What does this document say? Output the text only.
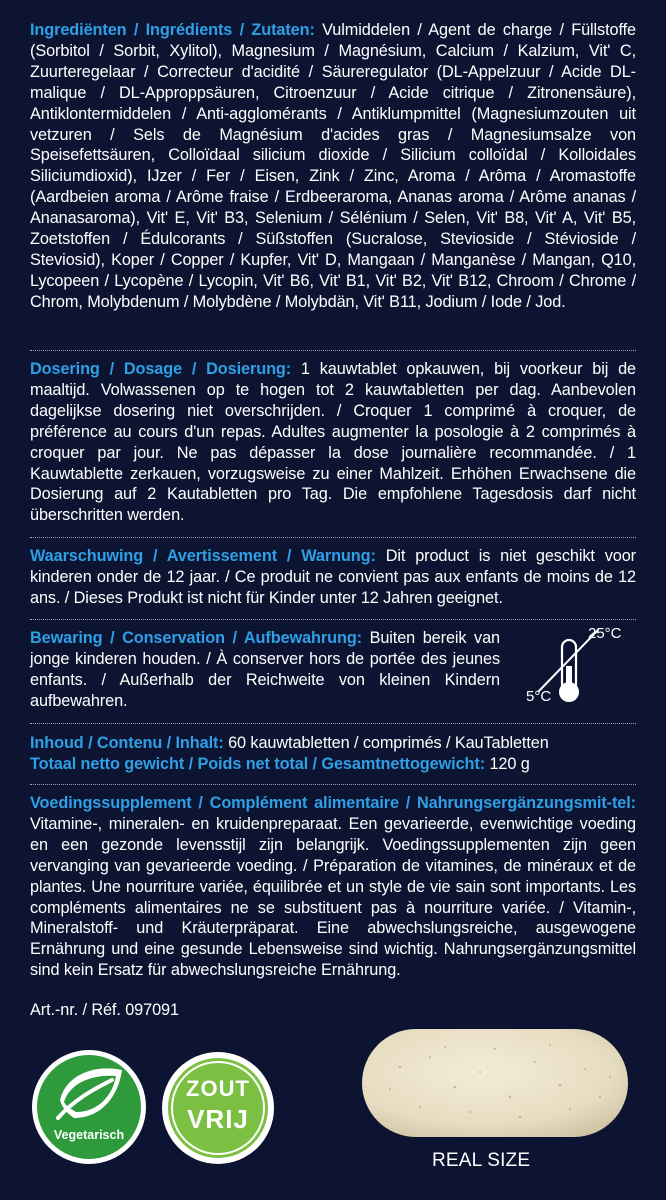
Ingrediënten / Ingrédients / Zutaten: Vulmiddelen / Agent de charge / Füllstoffe (Sorbitol / Sorbit, Xylitol), Magnesium / Magnésium, Calcium / Kalzium, Vit' C, Zuurteregelaar / Correcteur d'acidité / Säureregulator (DL-Appelzuur / Acide DL-malique / DL-Approppsäuren, Citroenzuur / Acide citrique / Zitronensäure), Antiklontermiddelen / Anti-agglomérants / Antiklumpmittel (Magnesiumzouten uit vetzuren / Sels de Magnésium d'acides gras / Magnesiumsalze von Speisefettsäuren, Colloïdaal silicium dioxide / Silicium colloïdal / Kolloidales Siliciumdioxid), IJzer / Fer / Eisen, Zink / Zinc, Aroma / Arôma / Aromastoffe (Aardbeien aroma / Arôme fraise / Erdbeeraroma, Ananas aroma / Arôme ananas / Ananasaroma), Vit' E, Vit' B3, Selenium / Sélénium / Selen, Vit' B8, Vit' A, Vit' B5, Zoetstoffen / Édulcorants / Süßstoffen (Sucralose, Stevioside / Stévioside / Steviosid), Koper / Copper / Kupfer, Vit' D, Mangaan / Manganèse / Mangan, Q10, Lycopeen / Lycopène / Lycopin, Vit' B6, Vit' B1, Vit' B2, Vit' B12, Chroom / Chrome / Chrom, Molybdenum / Molybdène / Molybdän, Vit' B11, Jodium / Iode / Jod.
Dosering / Dosage / Dosierung: 1 kauwtablet opkauwen, bij voorkeur bij de maaltijd. Volwassenen op te hogen tot 2 kauwtabletten per dag. Aanbevolen dagelijkse dosering niet overschrijden. / Croquer 1 comprimé à croquer, de préférence au cours d'un repas. Adultes augmenter la posologie à 2 comprimés à croquer par jour. Ne pas dépasser la dose journalière recommandée. / 1 Kauwtablette zerkauen, vorzugsweise zu einer Mahlzeit. Erhöhen Erwachsene die Dosierung auf 2 Kautabletten pro Tag. Die empfohlene Tagesdosis darf nicht überschritten werden.
Waarschuwing / Avertissement / Warnung: Dit product is niet geschikt voor kinderen onder de 12 jaar. / Ce produit ne convient pas aux enfants de moins de 12 ans. / Dieses Produkt ist nicht für Kinder unter 12 Jahren geeignet.
Bewaring / Conservation / Aufbewahrung: Buiten bereik van jonge kinderen houden. / À conserver hors de portée des jeunes enfants. / Außerhalb der Reichweite von kleinen Kindern aufbewahren.
25°C
5°C
Inhoud / Contenu / Inhalt: 60 kauwtabletten / comprimés / KauTabletten
Totaal netto gewicht / Poids net total / Gesamtnettogewicht: 120 g
Voedingssupplement / Complément alimentaire / Nahrungsergänzungsmit-tel: Vitamine-, mineralen- en kruidenpreparaat. Een gevarieerde, evenwichtige voeding en een gezonde levensstijl zijn belangrijk. Voedingssupplementen zijn geen vervanging van gevarieerde voeding. / Préparation de vitamines, de minéraux et de plantes. Une nourriture variée, équilibrée et un style de vie sain sont importants. Les compléments alimentaires ne se substituent pas à nourriture variée. / Vitamin-, Mineralstoff- und Kräuterpräparat. Eine abwechslungsreiche, ausgewogene Ernährung und eine gesunde Lebensweise sind wichtig. Nahrungsergänzungsmittel sind kein Ersatz für abwechslungsreiche Ernährung.
Art.-nr. / Réf. 097091
Vegetarisch
ZOUT
VRIJ
REAL SIZE
